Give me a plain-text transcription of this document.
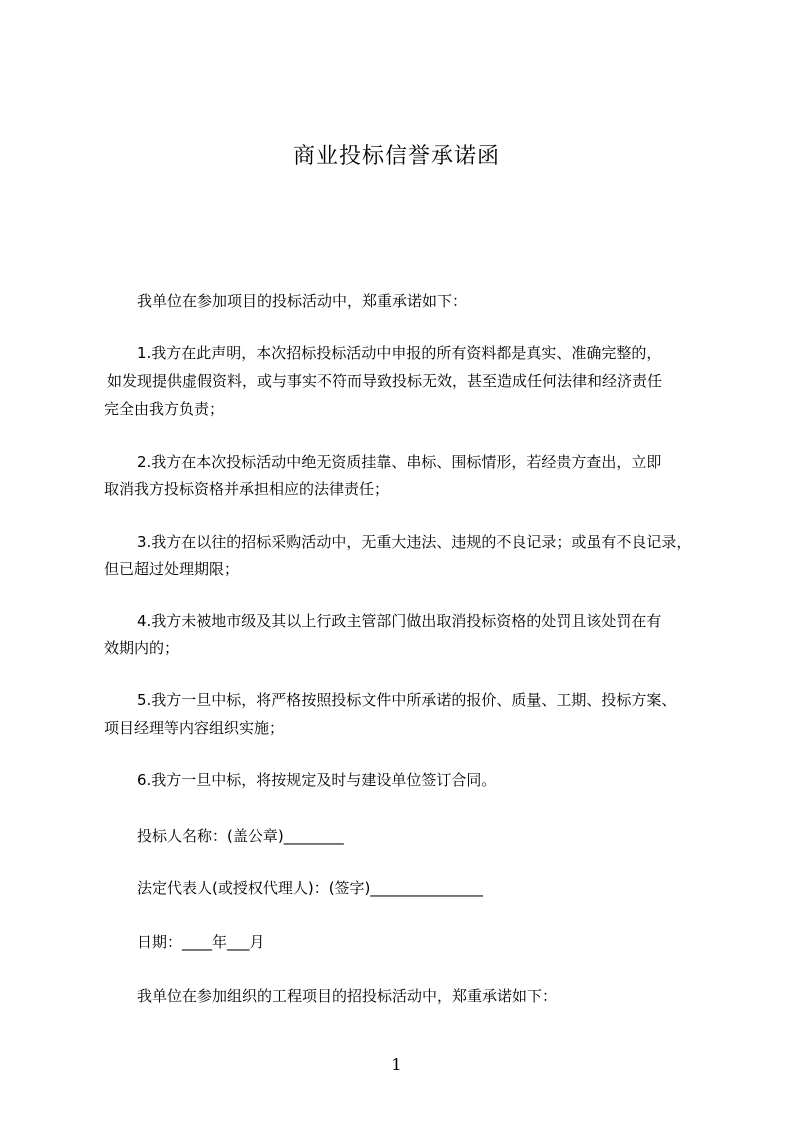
商业投标信誉承诺函
我单位在参加项目的投标活动中，郑重承诺如下：
1.我方在此声明，本次招标投标活动中申报的所有资料都是真实、准确完整的，
如发现提供虚假资料，或与事实不符而导致投标无效，甚至造成任何法律和经济责任
完全由我方负责；
2.我方在本次投标活动中绝无资质挂靠、串标、围标情形，若经贵方查出，立即
取消我方投标资格并承担相应的法律责任；
3.我方在以往的招标采购活动中，无重大违法、违规的不良记录；或虽有不良记录，
但已超过处理期限；
4.我方未被地市级及其以上行政主管部门做出取消投标资格的处罚且该处罚在有
效期内的；
5.我方一旦中标，将严格按照投标文件中所承诺的报价、质量、工期、投标方案、
项目经理等内容组织实施；
6.我方一旦中标，将按规定及时与建设单位签订合同。
投标人名称：(盖公章)________
法定代表人(或授权代理人)：(签字)_______________
日期：____年___月
我单位在参加组织的工程项目的招投标活动中，郑重承诺如下：
1
